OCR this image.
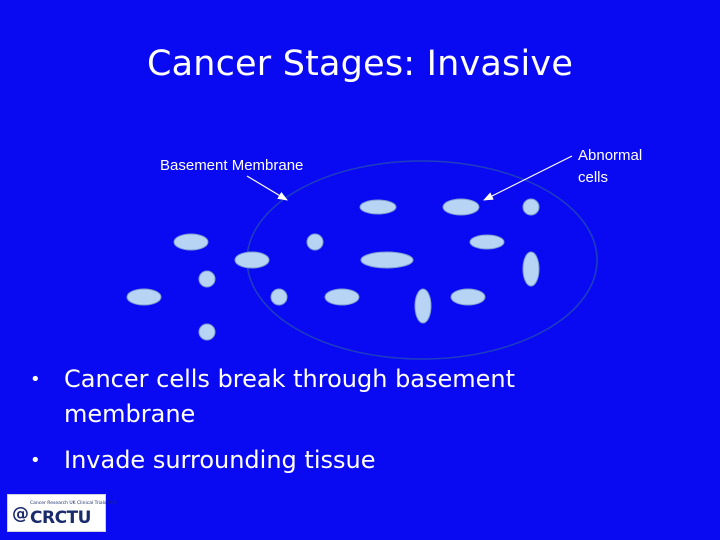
Cancer Stages: Invasive
Basement Membrane
Abnormal cells
• Cancer cells break through basement membrane
• Invade surrounding tissue
@
Cancer Research UK Clinical Trials Unit
CRCTU
